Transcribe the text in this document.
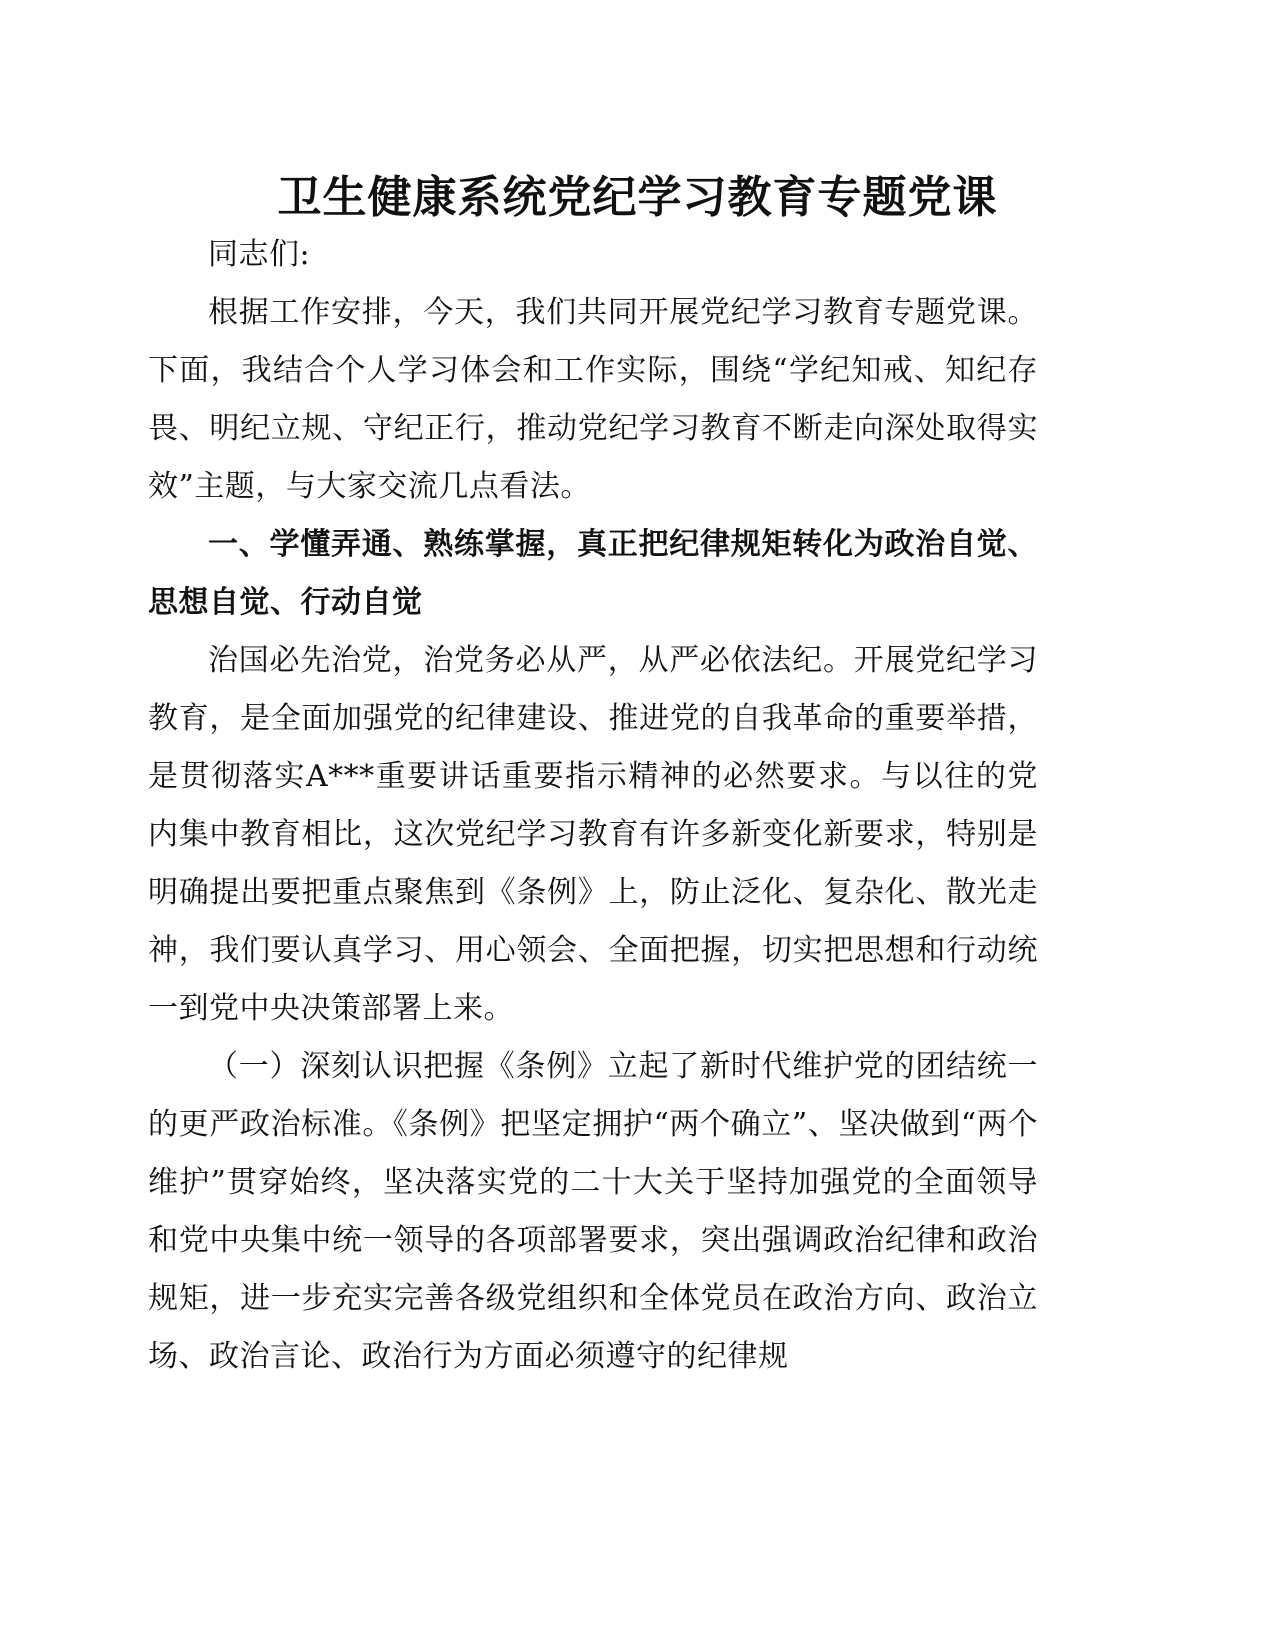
卫生健康系统党纪学习教育专题党课

同志们:

根据工作安排，今天，我们共同开展党纪学习教育专题党课。下面，我结合个人学习体会和工作实际，围绕“学纪知戒、知纪存畏、明纪立规、守纪正行，推动党纪学习教育不断走向深处取得实效”主题，与大家交流几点看法。

一、学懂弄通、熟练掌握，真正把纪律规矩转化为政治自觉、思想自觉、行动自觉

治国必先治党，治党务必从严，从严必依法纪。开展党纪学习教育，是全面加强党的纪律建设、推进党的自我革命的重要举措，是贯彻落实A***重要讲话重要指示精神的必然要求。与以往的党内集中教育相比，这次党纪学习教育有许多新变化新要求，特别是明确提出要把重点聚焦到《条例》上，防止泛化、复杂化、散光走神，我们要认真学习、用心领会、全面把握，切实把思想和行动统一到党中央决策部署上来。

（一）深刻认识把握《条例》立起了新时代维护党的团结统一的更严政治标准。《条例》把坚定拥护“两个确立”、坚决做到“两个维护”贯穿始终，坚决落实党的二十大关于坚持加强党的全面领导和党中央集中统一领导的各项部署要求，突出强调政治纪律和政治规矩，进一步充实完善各级党组织和全体党员在政治方向、政治立场、政治言论、政治行为方面必须遵守的纪律规
